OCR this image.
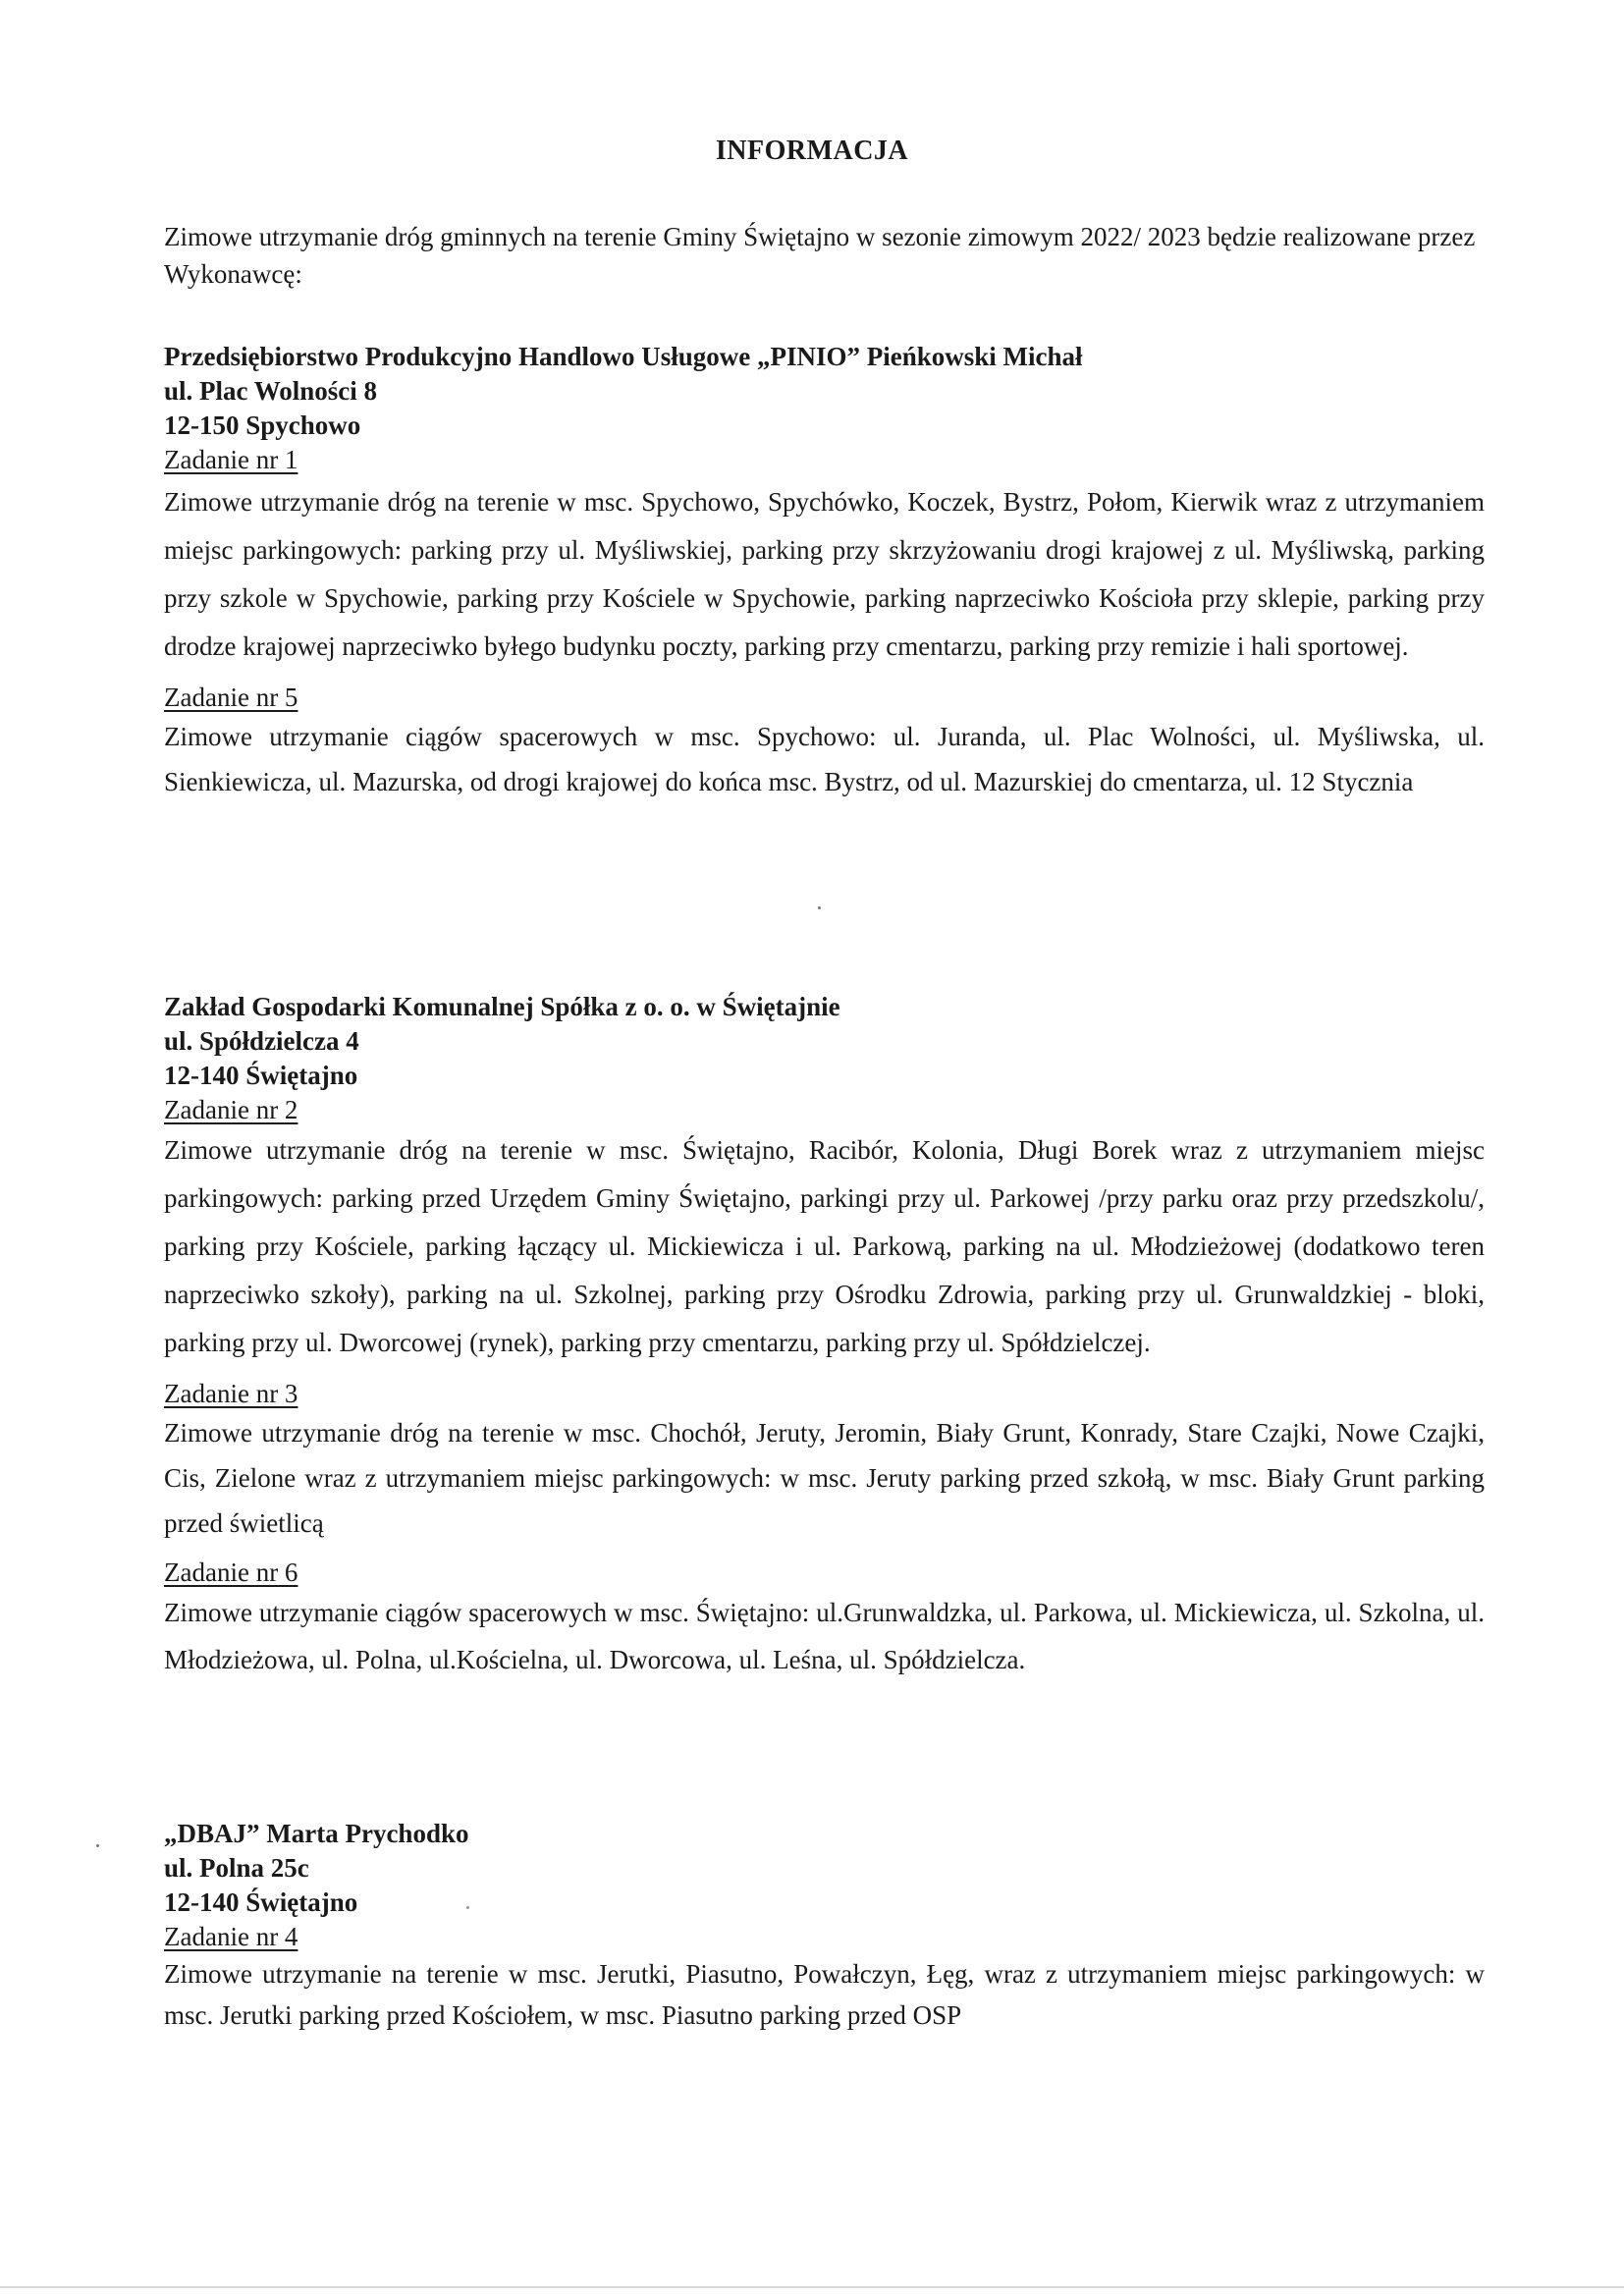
INFORMACJA
Zimowe utrzymanie dróg gminnych na terenie Gminy Świętajno w sezonie zimowym 2022/ 2023 będzie realizowane przez Wykonawcę:
Przedsiębiorstwo Produkcyjno Handlowo Usługowe „PINIO” Pieńkowski Michał
ul. Plac Wolności 8
12-150 Spychowo
Zadanie nr 1
Zimowe utrzymanie dróg na terenie w msc. Spychowo, Spychówko, Koczek, Bystrz, Połom, Kierwik wraz z utrzymaniem miejsc parkingowych: parking przy ul. Myśliwskiej, parking przy skrzyżowaniu drogi krajowej z ul. Myśliwską, parking przy szkole w Spychowie, parking przy Kościele w Spychowie, parking naprzeciwko Kościoła przy sklepie, parking przy drodze krajowej naprzeciwko byłego budynku poczty, parking przy cmentarzu, parking przy remizie i hali sportowej.
Zadanie nr 5
Zimowe utrzymanie ciągów spacerowych w msc. Spychowo: ul. Juranda, ul. Plac Wolności, ul. Myśliwska, ul. Sienkiewicza, ul. Mazurska, od drogi krajowej do końca msc. Bystrz, od ul. Mazurskiej do cmentarza, ul. 12 Stycznia
Zakład Gospodarki Komunalnej Spółka z o. o. w Świętajnie
ul. Spółdzielcza 4
12-140 Świętajno
Zadanie nr 2
Zimowe utrzymanie dróg na terenie w msc. Świętajno, Racibór, Kolonia, Długi Borek wraz z utrzymaniem miejsc parkingowych: parking przed Urzędem Gminy Świętajno, parkingi przy ul. Parkowej /przy parku oraz przy przedszkolu/, parking przy Kościele, parking łączący ul. Mickiewicza i ul. Parkową, parking na ul. Młodzieżowej (dodatkowo teren naprzeciwko szkoły), parking na ul. Szkolnej, parking przy Ośrodku Zdrowia, parking przy ul. Grunwaldzkiej - bloki, parking przy ul. Dworcowej (rynek), parking przy cmentarzu, parking przy ul. Spółdzielczej.
Zadanie nr 3
Zimowe utrzymanie dróg na terenie w msc. Chochół, Jeruty, Jeromin, Biały Grunt, Konrady, Stare Czajki, Nowe Czajki, Cis, Zielone wraz z utrzymaniem miejsc parkingowych: w msc. Jeruty parking przed szkołą, w msc. Biały Grunt parking przed świetlicą
Zadanie nr 6
Zimowe utrzymanie ciągów spacerowych w msc. Świętajno: ul.Grunwaldzka, ul. Parkowa, ul. Mickiewicza, ul. Szkolna, ul. Młodzieżowa, ul. Polna, ul.Kościelna, ul. Dworcowa, ul. Leśna, ul. Spółdzielcza.
„DBAJ” Marta Prychodko
ul. Polna 25c
12-140 Świętajno
Zadanie nr 4
Zimowe utrzymanie na terenie w msc. Jerutki, Piasutno, Powałczyn, Łęg, wraz z utrzymaniem miejsc parkingowych: w msc. Jerutki parking przed Kościołem, w msc. Piasutno parking przed OSP
